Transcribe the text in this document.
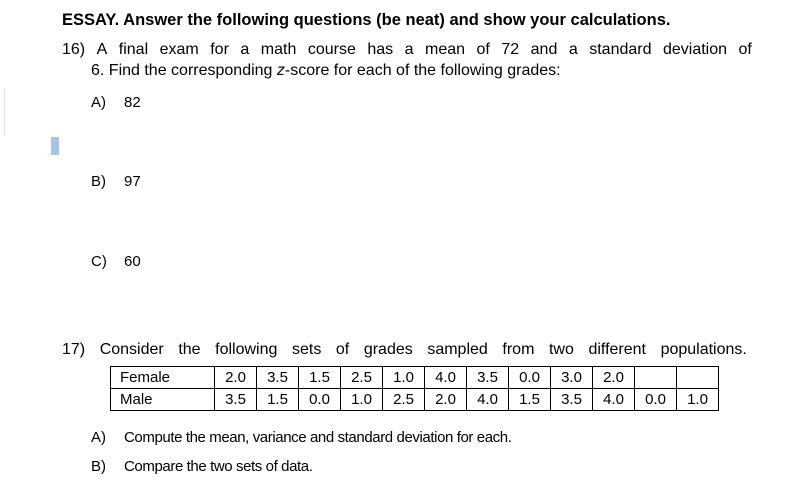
ESSAY. Answer the following questions (be neat) and show your calculations.
16) A final exam for a math course has a mean of 72 and a standard deviation of
6. Find the corresponding z-score for each of the following grades:
A) 82
B) 97
C) 60
17) Consider the following sets of grades sampled from two different populations.
Female	2.0	3.5	1.5	2.5	1.0	4.0	3.5	0.0	3.0	2.0		
Male	3.5	1.5	0.0	1.0	2.5	2.0	4.0	1.5	3.5	4.0	0.0	1.0
A) Compute the mean, variance and standard deviation for each.
B) Compare the two sets of data.
